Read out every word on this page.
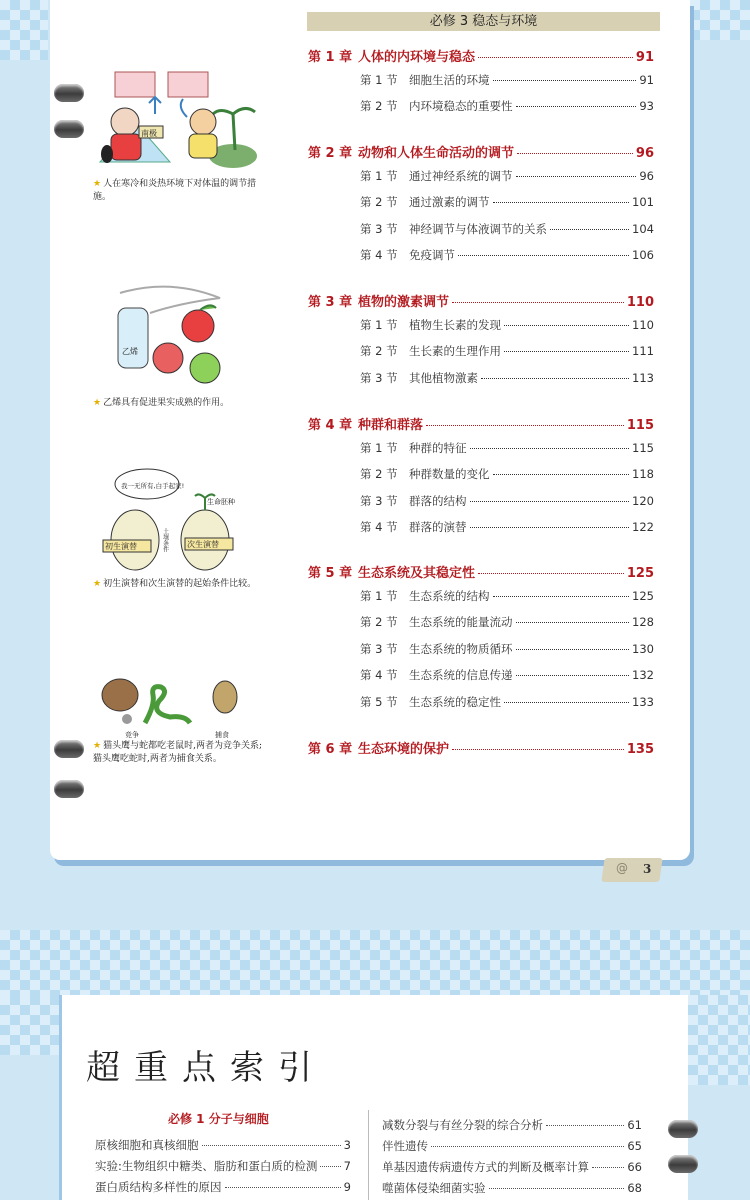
必修 3 稳态与环境
第 1 章 人体的内环境与稳态	91
第 1 节 细胞生活的环境	91
第 2 节 内环境稳态的重要性	93
第 2 章 动物和人体生命活动的调节	96
第 1 节 通过神经系统的调节	96
第 2 节 通过激素的调节	101
第 3 节 神经调节与体液调节的关系	104
第 4 节 免疫调节	106
第 3 章 植物的激素调节	110
第 1 节 植物生长素的发现	110
第 2 节 生长素的生理作用	111
第 3 节 其他植物激素	113
第 4 章 种群和群落	115
第 1 节 种群的特征	115
第 2 节 种群数量的变化	118
第 3 节 群落的结构	120
第 4 节 群落的演替	122
第 5 章 生态系统及其稳定性	125
第 1 节 生态系统的结构	125
第 2 节 生态系统的能量流动	128
第 3 节 生态系统的物质循环	130
第 4 节 生态系统的信息传递	132
第 5 节 生态系统的稳定性	133
第 6 章 生态环境的保护	135
南极
★ 人在寒冷和炎热环境下对体温的调节措施。
乙烯
★ 乙烯具有促进果实成熟的作用。
我一无所有,白手起家!
生命胚种
初生演替	次生演替
土壤条件
★ 初生演替和次生演替的起始条件比较。
竞争	捕食
★ 猫头鹰与蛇都吃老鼠时,两者为竞争关系;猫头鹰吃蛇时,两者为捕食关系。
@ 3
超重点索引
必修 1 分子与细胞
原核细胞和真核细胞	3
实验:生物组织中糖类、脂肪和蛋白质的检测 7
蛋白质结构多样性的原因	9
减数分裂与有丝分裂的综合分析	61
伴性遗传	65
单基因遗传病遗传方式的判断及概率计算	66
噬菌体侵染细菌实验	68
